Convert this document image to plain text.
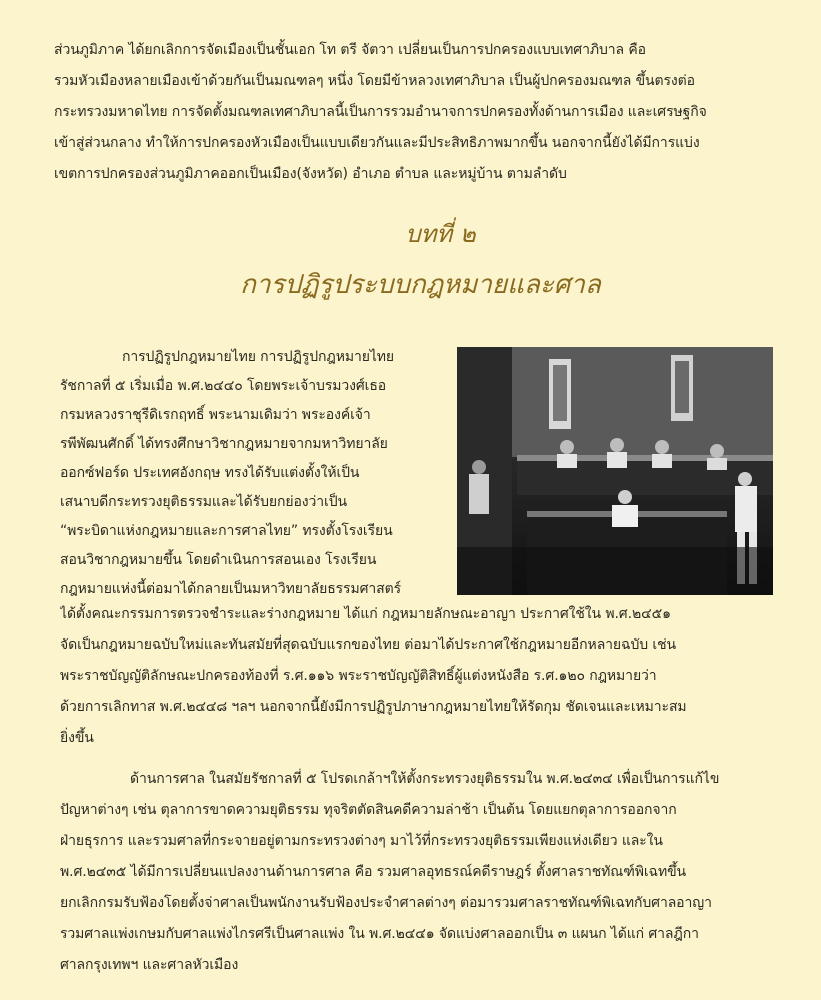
ส่วนภูมิภาค ได้ยกเลิกการจัดเมืองเป็นชั้นเอก โท ตรี จัตวา เปลี่ยนเป็นการปกครองแบบเทศาภิบาล คือ
รวมหัวเมืองหลายเมืองเข้าด้วยกันเป็นมณฑลๆ หนึ่ง โดยมีข้าหลวงเทศาภิบาล เป็นผู้ปกครองมณฑล ขึ้นตรงต่อ
กระทรวงมหาดไทย การจัดตั้งมณฑลเทศาภิบาลนี้เป็นการรวมอำนาจการปกครองทั้งด้านการเมือง และเศรษฐกิจ
เข้าสู่ส่วนกลาง ทำให้การปกครองหัวเมืองเป็นแบบเดียวกันและมีประสิทธิภาพมากขึ้น นอกจากนี้ยังได้มีการแบ่ง
เขตการปกครองส่วนภูมิภาคออกเป็นเมือง(จังหวัด) อำเภอ ตำบล และหมู่บ้าน ตามลำดับ
บทที่ ๒
การปฏิรูประบบกฎหมายและศาล
การปฏิรูปกฎหมายไทย การปฏิรูปกฎหมายไทย
รัชกาลที่ ๕ เริ่มเมื่อ พ.ศ.๒๔๔๐ โดยพระเจ้าบรมวงศ์เธอ
กรมหลวงราชุรีดิเรกฤทธิ์ พระนามเดิมว่า พระองค์เจ้า
รพีพัฒนศักดิ์ ได้ทรงศึกษาวิชากฎหมายจากมหาวิทยาลัย
ออกซ์ฟอร์ด ประเทศอังกฤษ ทรงได้รับแต่งตั้งให้เป็น
เสนาบดีกระทรวงยุติธรรมและได้รับยกย่องว่าเป็น
“พระบิดาแห่งกฎหมายและการศาลไทย” ทรงตั้งโรงเรียน
สอนวิชากฎหมายขึ้น โดยดำเนินการสอนเอง โรงเรียน
กฎหมายแห่งนี้ต่อมาได้กลายเป็นมหาวิทยาลัยธรรมศาสตร์
ได้ตั้งคณะกรรมการตรวจชำระและร่างกฎหมาย ได้แก่ กฎหมายลักษณะอาญา ประกาศใช้ใน พ.ศ.๒๔๕๑
จัดเป็นกฎหมายฉบับใหม่และทันสมัยที่สุดฉบับแรกของไทย ต่อมาได้ประกาศใช้กฎหมายอีกหลายฉบับ เช่น
พระราชบัญญัติลักษณะปกครองท้องที่ ร.ศ.๑๑๖ พระราชบัญญัติสิทธิ์ผู้แต่งหนังสือ ร.ศ.๑๒๐ กฎหมายว่า
ด้วยการเลิกทาส พ.ศ.๒๔๔๘ ฯลฯ นอกจากนี้ยังมีการปฏิรูปภาษากฎหมายไทยให้รัดกุม ชัดเจนและเหมาะสม
ยิ่งขึ้น
ด้านการศาล ในสมัยรัชกาลที่ ๕ โปรดเกล้าฯให้ตั้งกระทรวงยุติธรรมใน พ.ศ.๒๔๓๔ เพื่อเป็นการแก้ไข
ปัญหาต่างๆ เช่น ตุลาการขาดความยุติธรรม ทุจริตตัดสินคดีความล่าช้า เป็นต้น โดยแยกตุลาการออกจาก
ฝ่ายธุรการ และรวมศาลที่กระจายอยู่ตามกระทรวงต่างๆ มาไว้ที่กระทรวงยุติธรรมเพียงแห่งเดียว และใน
พ.ศ.๒๔๓๕ ได้มีการเปลี่ยนแปลงงานด้านการศาล คือ รวมศาลอุทธรณ์คดีราษฎร์ ตั้งศาลราชทัณฑ์พิเฉทขึ้น
ยกเลิกกรมรับฟ้องโดยตั้งจ่าศาลเป็นพนักงานรับฟ้องประจำศาลต่างๆ ต่อมารวมศาลราชทัณฑ์พิเฉทกับศาลอาญา
รวมศาลแพ่งเกษมกับศาลแพ่งไกรศรีเป็นศาลแพ่ง ใน พ.ศ.๒๔๔๑ จัดแบ่งศาลออกเป็น ๓ แผนก ได้แก่ ศาลฎีกา
ศาลกรุงเทพฯ และศาลหัวเมือง
